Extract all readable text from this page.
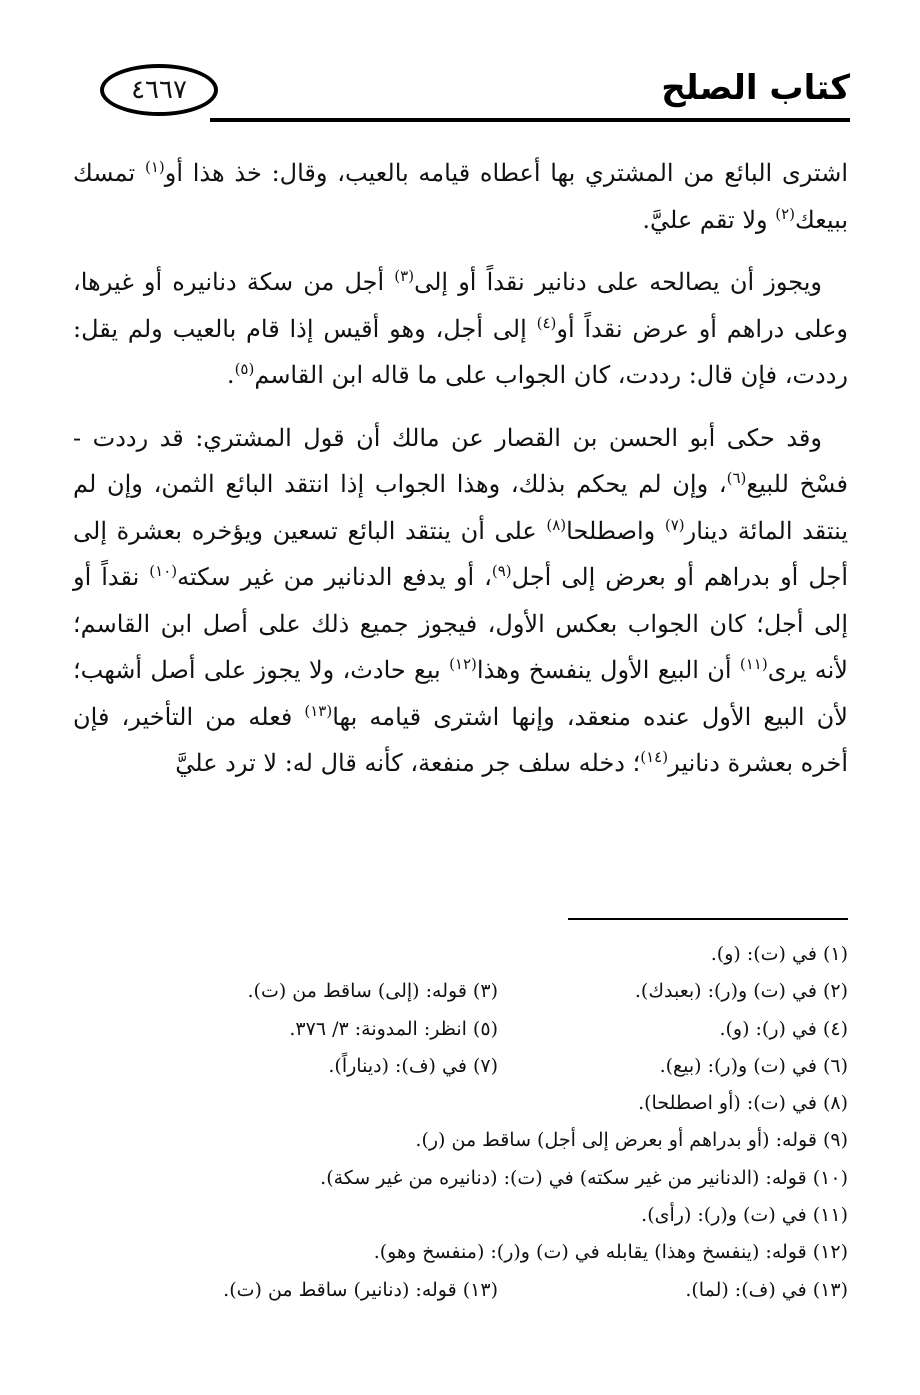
كتاب الصلح
٤٦٦٧

اشترى البائع من المشتري بها أعطاه قيامه بالعيب، وقال: خذ هذا أو$^{(١)}$ تمسك ببيعك$^{(٢)}$ ولا تقم عليَّ.

ويجوز أن يصالحه على دنانير نقداً أو إلى$^{(٣)}$ أجل من سكة دنانيره أو غيرها، وعلى دراهم أو عرض نقداً أو$^{(٤)}$ إلى أجل، وهو أقيس إذا قام بالعيب ولم يقل: رددت، فإن قال: رددت، كان الجواب على ما قاله ابن القاسم$^{(٥)}$.

وقد حكى أبو الحسن بن القصار عن مالك أن قول المشتري: قد رددت - فسْخ للبيع$^{(٦)}$، وإن لم يحكم بذلك، وهذا الجواب إذا انتقد البائع الثمن، وإن لم ينتقد المائة دينار$^{(٧)}$ واصطلحا$^{(٨)}$ على أن ينتقد البائع تسعين ويؤخره بعشرة إلى أجل أو بدراهم أو بعرض إلى أجل$^{(٩)}$، أو يدفع الدنانير من غير سكته$^{(١٠)}$ نقداً أو إلى أجل؛ كان الجواب بعكس الأول، فيجوز جميع ذلك على أصل ابن القاسم؛ لأنه يرى$^{(١١)}$ أن البيع الأول ينفسخ وهذا$^{(١٢)}$ بيع حادث، ولا يجوز على أصل أشهب؛ لأن البيع الأول عنده منعقد، وإنها اشترى قيامه بها$^{(١٣)}$ فعله من التأخير، فإن أخره بعشرة دنانير$^{(١٤)}$؛ دخله سلف جر منفعة، كأنه قال له: لا ترد عليَّ

(١) في (ت): (و).
(٢) في (ت) و(ر): (بعبدك).
(٣) قوله: (إلى) ساقط من (ت).
(٤) في (ر): (و).
(٥) انظر: المدونة: ٣/ ٣٧٦.
(٦) في (ت) و(ر): (بيع).
(٧) في (ف): (ديناراً).
(٨) في (ت): (أو اصطلحا).
(٩) قوله: (أو بدراهم أو بعرض إلى أجل) ساقط من (ر).
(١٠) قوله: (الدنانير من غير سكته) في (ت): (دنانيره من غير سكة).
(١١) في (ت) و(ر): (رأى).
(١٢) قوله: (ينفسخ وهذا) يقابله في (ت) و(ر): (منفسخ وهو).
(١٣) في (ف): (لما).
(١٣) قوله: (دنانير) ساقط من (ت).
